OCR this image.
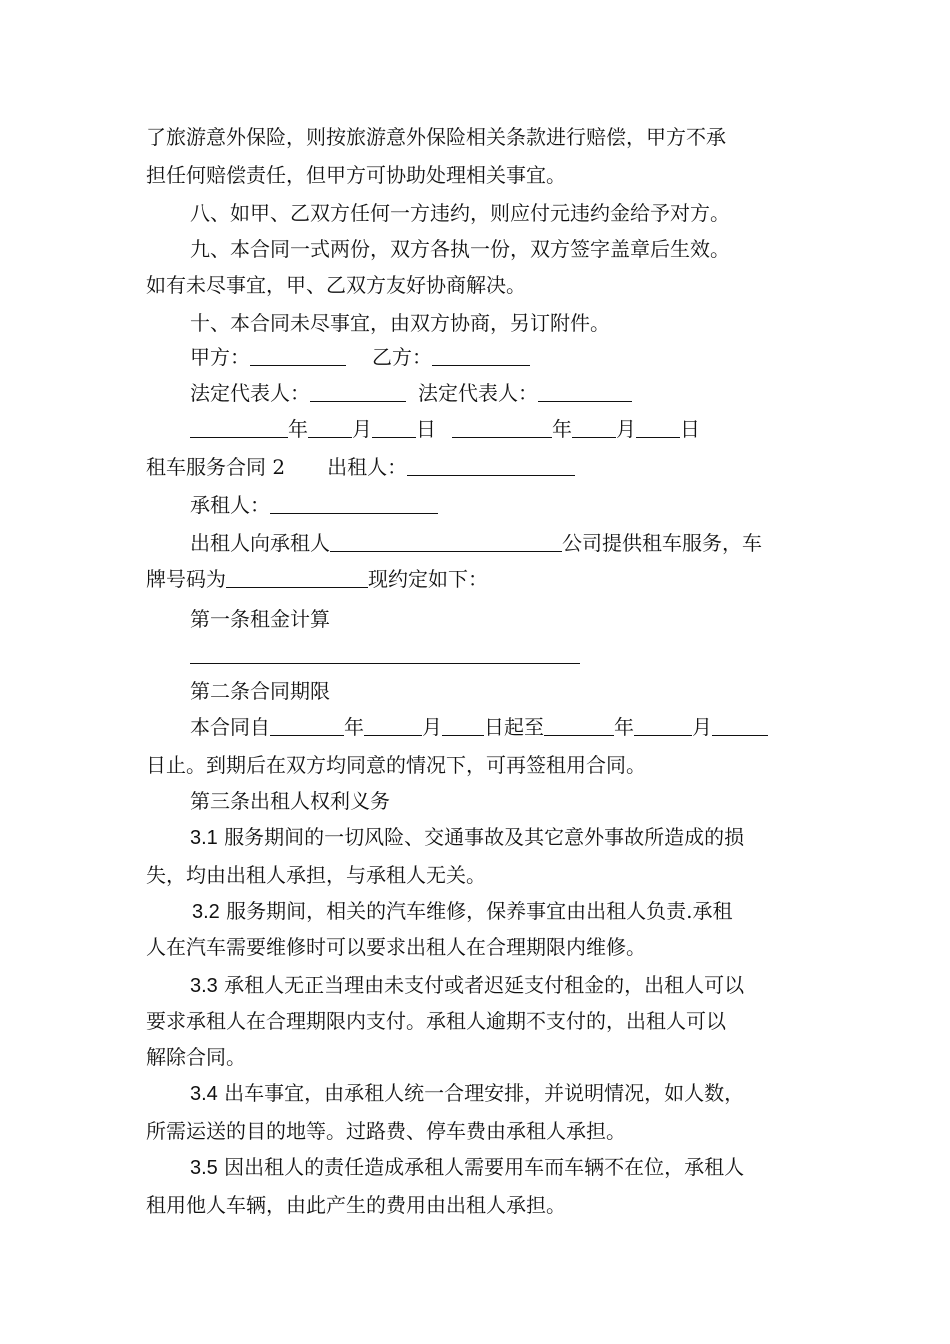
了旅游意外保险，则按旅游意外保险相关条款进行赔偿，甲方不承
担任何赔偿责任，但甲方可协助处理相关事宜。
八、如甲、乙双方任何一方违约，则应付元违约金给予对方。
九、本合同一式两份，双方各执一份，双方签字盖章后生效。
如有未尽事宜，甲、乙双方友好协商解决。
十、本合同未尽事宜，由双方协商，另订附件。
甲方：	乙方：
法定代表人：	法定代表人：
年 月 日	年 月 日
租车服务合同 2 出租人：
承租人：
出租人向承租人	公司提供租车服务，车
牌号码为	现约定如下：
第一条租金计算
第二条合同期限
本合同自	年	月 日起至	年	月
日止。到期后在双方均同意的情况下，可再签租用合同。
第三条出租人权利义务
3.1 服务期间的一切风险、交通事故及其它意外事故所造成的损
失，均由出租人承担，与承租人无关。
3.2 服务期间，相关的汽车维修，保养事宜由出租人负责.承租
人在汽车需要维修时可以要求出租人在合理期限内维修。
3.3 承租人无正当理由未支付或者迟延支付租金的，出租人可以
要求承租人在合理期限内支付。承租人逾期不支付的，出租人可以
解除合同。
3.4 出车事宜，由承租人统一合理安排，并说明情况，如人数，
所需运送的目的地等。过路费、停车费由承租人承担。
3.5 因出租人的责任造成承租人需要用车而车辆不在位，承租人
租用他人车辆，由此产生的费用由出租人承担。
